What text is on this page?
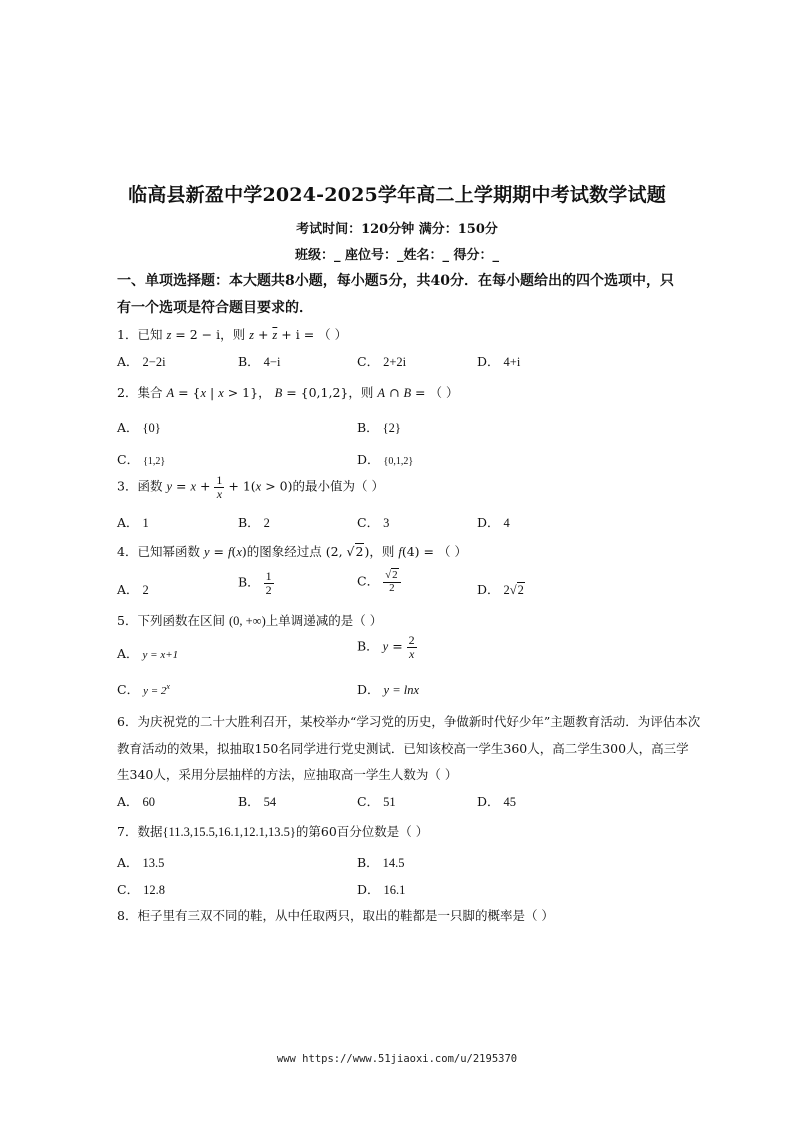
临高县新盈中学2024-2025学年高二上学期期中考试数学试题
考试时间：120分钟 满分：150分
班级：_ 座位号：_姓名：_ 得分：_
一、单项选择题：本大题共8小题，每小题5分，共40分．在每小题给出的四个选项中，只
有一个选项是符合题目要求的．
1．已知 z = 2 − i，则 $z + \overline{z} + i$ = （ ）
A． 2−2i	B． 4−i	C． 2+2i	D． 4+i
2．集合 A = {x | x > 1}， B = {0,1,2}，则 A ∩ B = （ ）
A． {0}	B． {2}
C． {1,2}	D． {0,1,2}
3．函数 $y = x + \frac{1}{x} + 1(x > 0)$的最小值为（ ）
A． 1	B． 2	C． 3	D． 4
4．已知幂函数 y = f(x)的图象经过点 (2, √2)，则 f(4) = （ ）
A． 2
B． $\frac{1}{2}$	C． $\frac{√2}{2}$	D． 2√2
5．下列函数在区间 (0, +∞)上单调递减的是（ ）
A． y = x+1
B． $y = \frac{2}{x}$
C． $y = 2^x$	D． y = lnx
6．为庆祝党的二十大胜利召开，某校举办“学习党的历史，争做新时代好少年”主题教育活动．为评估本次
教育活动的效果，拟抽取150名同学进行党史测试．已知该校高一学生360人，高二学生300人，高三学
生340人，采用分层抽样的方法，应抽取高一学生人数为（ ）
A． 60	B． 54	C． 51	D． 45
7．数据{11.3,15.5,16.1,12.1,13.5}的第60百分位数是（ ）
A． 13.5	B． 14.5
C． 12.8	D． 16.1
8．柜子里有三双不同的鞋，从中任取两只，取出的鞋都是一只脚的概率是（ ）
www https://www.51jiaoxi.com/u/2195370
